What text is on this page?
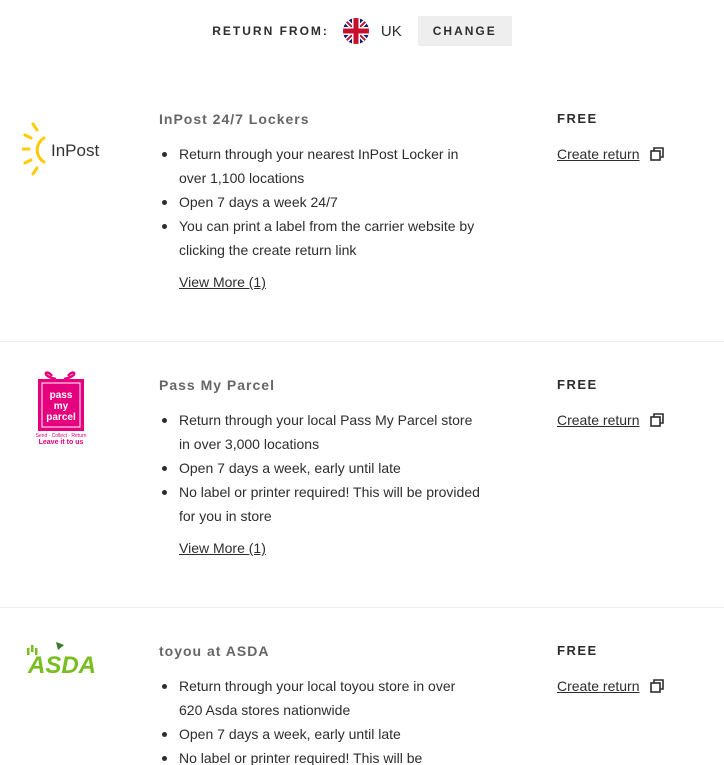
RETURN FROM:	UK	CHANGE
InPost
InPost 24/7 Lockers
Return through your nearest InPost Locker in over 1,100 locations
Open 7 days a week 24/7
You can print a label from the carrier website by clicking the create return link
View More (1)
FREE
Create return
pass
my
parcel
Send · Collect · Return
Leave it to us
Pass My Parcel
Return through your local Pass My Parcel store in over 3,000 locations
Open 7 days a week, early until late
No label or printer required! This will be provided for you in store
View More (1)
FREE
Create return
ASDA
toyou at ASDA
Return through your local toyou store in over 620 Asda stores nationwide
Open 7 days a week, early until late
No label or printer required! This will be
FREE
Create return
